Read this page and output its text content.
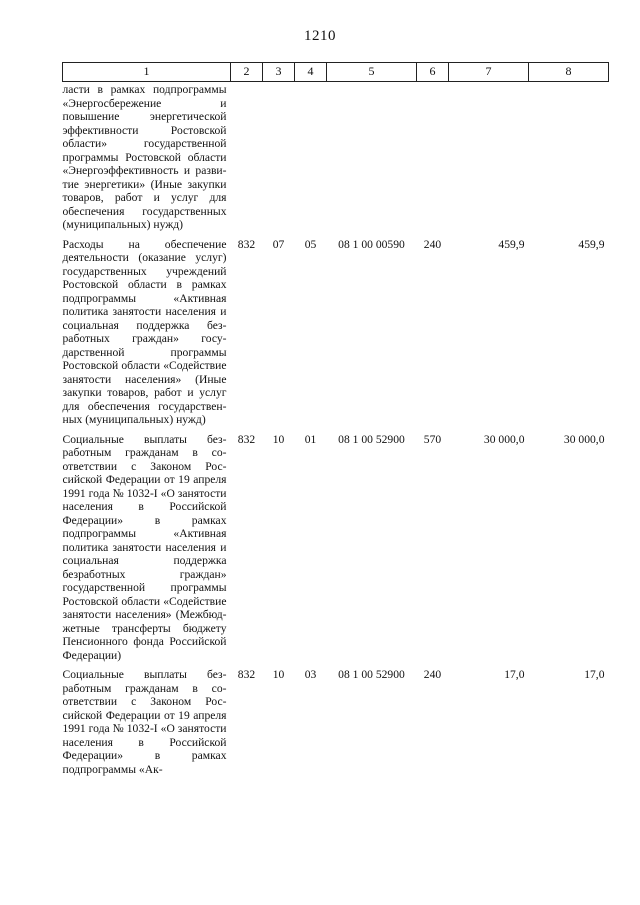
1210
1	2	3	4	5	6	7	8
ласти в рамках подпрограммы «Энергосбережение и повышение энергетической эффективности Ростовской области» государственной программы Ростовской области «Энергоэффективность и развитие энергетики» (Иные закупки товаров, работ и услуг для обеспечения государственных (муниципальных) нужд)							
Расходы на обеспечение деятельности (оказание услуг) государственных учреждений Ростовской области в рамках подпрограммы «Активная политика занятости населения и социальная поддержка безработных граждан» государственной программы Ростовской области «Содействие занятости населения» (Иные закупки товаров, работ и услуг для обеспечения государственных (муниципальных) нужд)	832	07	05	08 1 00 00590	240	459,9	459,9
Социальные выплаты безработным гражданам в соответствии с Законом Российской Федерации от 19 апреля 1991 года № 1032-I «О занятости населения в Российской Федерации» в рамках подпрограммы «Активная политика занятости населения и социальная поддержка безработных граждан» государственной программы Ростовской области «Содействие занятости населения» (Межбюджетные трансферты бюджету Пенсионного фонда Российской Федерации)	832	10	01	08 1 00 52900	570	30 000,0	30 000,0
Социальные выплаты безработным гражданам в соответствии с Законом Российской Федерации от 19 апреля 1991 года № 1032-I «О занятости населения в Российской Федерации» в рамках подпрограммы «Ак-	832	10	03	08 1 00 52900	240	17,0	17,0
